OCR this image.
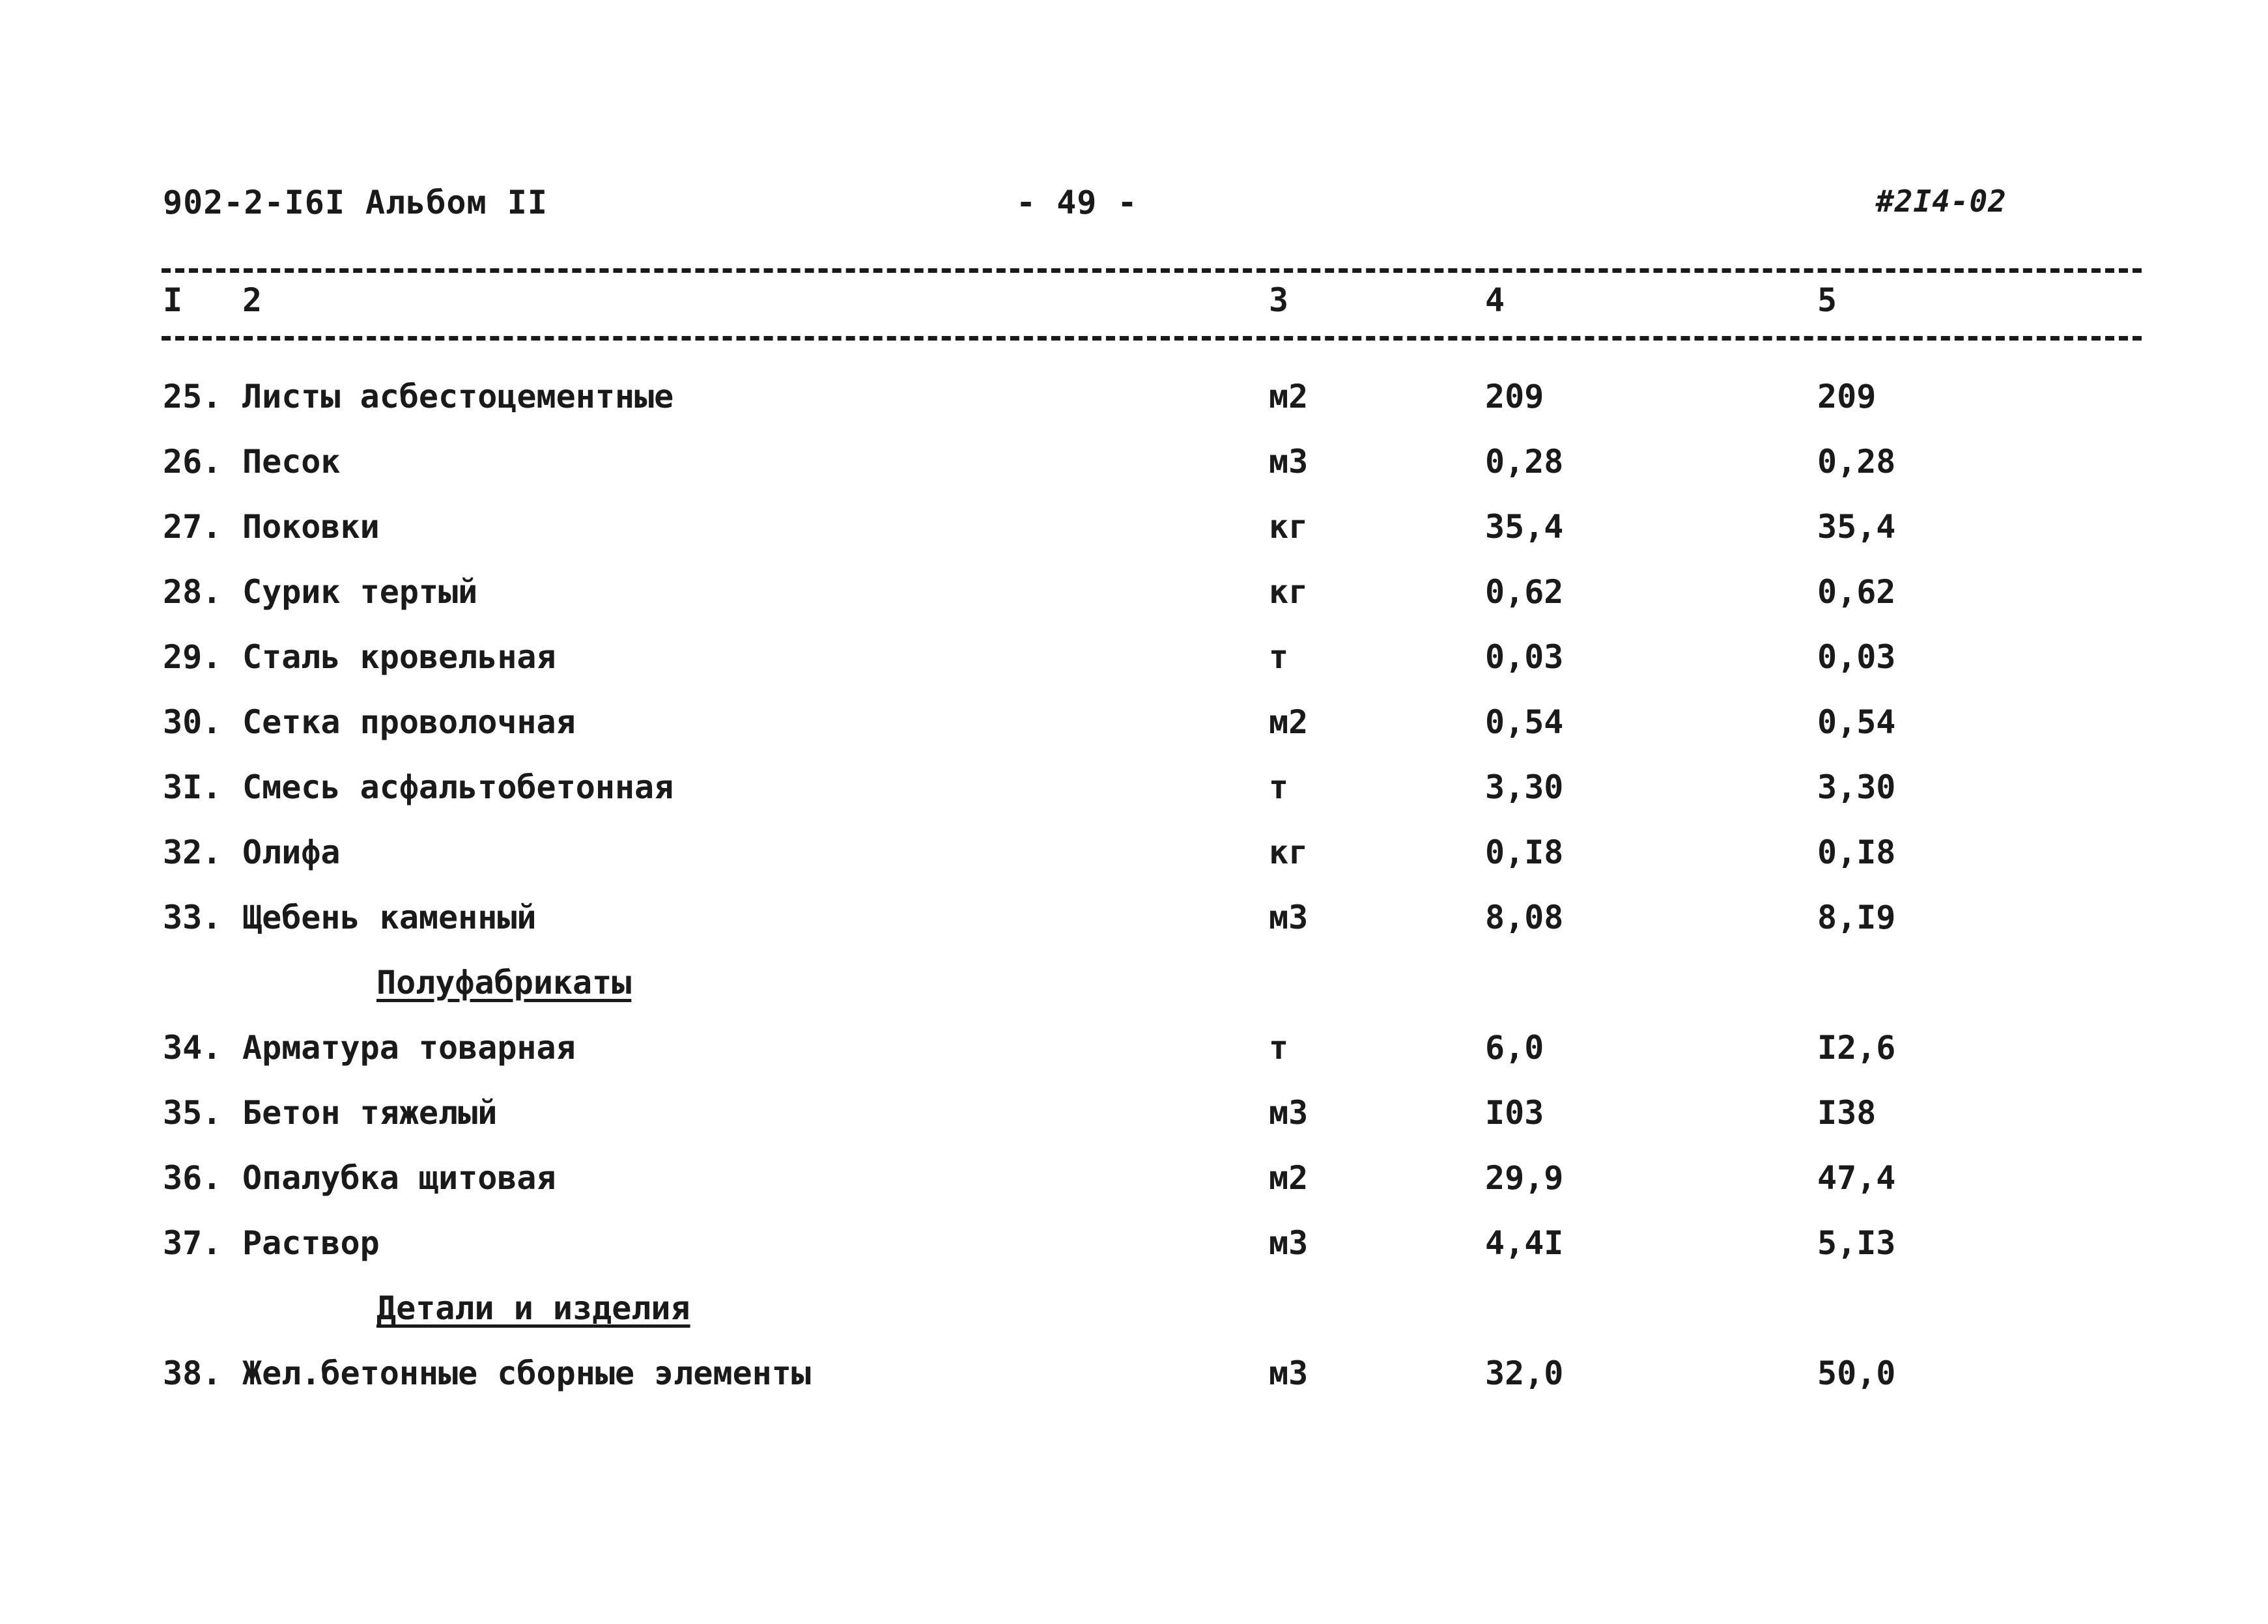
902-2-I6I Альбом II	- 49 -	#2I4-02
I 2	3	4	5
25. Листы асбестоцементные	м2	209	209
26. Песок	м3	0,28	0,28
27. Поковки	кг	35,4	35,4
28. Сурик тертый	кг	0,62	0,62
29. Сталь кровельная	т	0,03	0,03
30. Сетка проволочная	м2	0,54	0,54
3I. Смесь асфальтобетонная	т	3,30	3,30
32. Олифа	кг	0,I8	0,I8
33. Щебень каменный	м3	8,08	8,I9
Полуфабрикаты
34. Арматура товарная	т	6,0	I2,6
35. Бетон тяжелый	м3	I03	I38
36. Опалубка щитовая	м2	29,9	47,4
37. Раствор	м3	4,4I	5,I3
Детали и изделия
38. Жел.бетонные сборные элементы	м3	32,0	50,0
